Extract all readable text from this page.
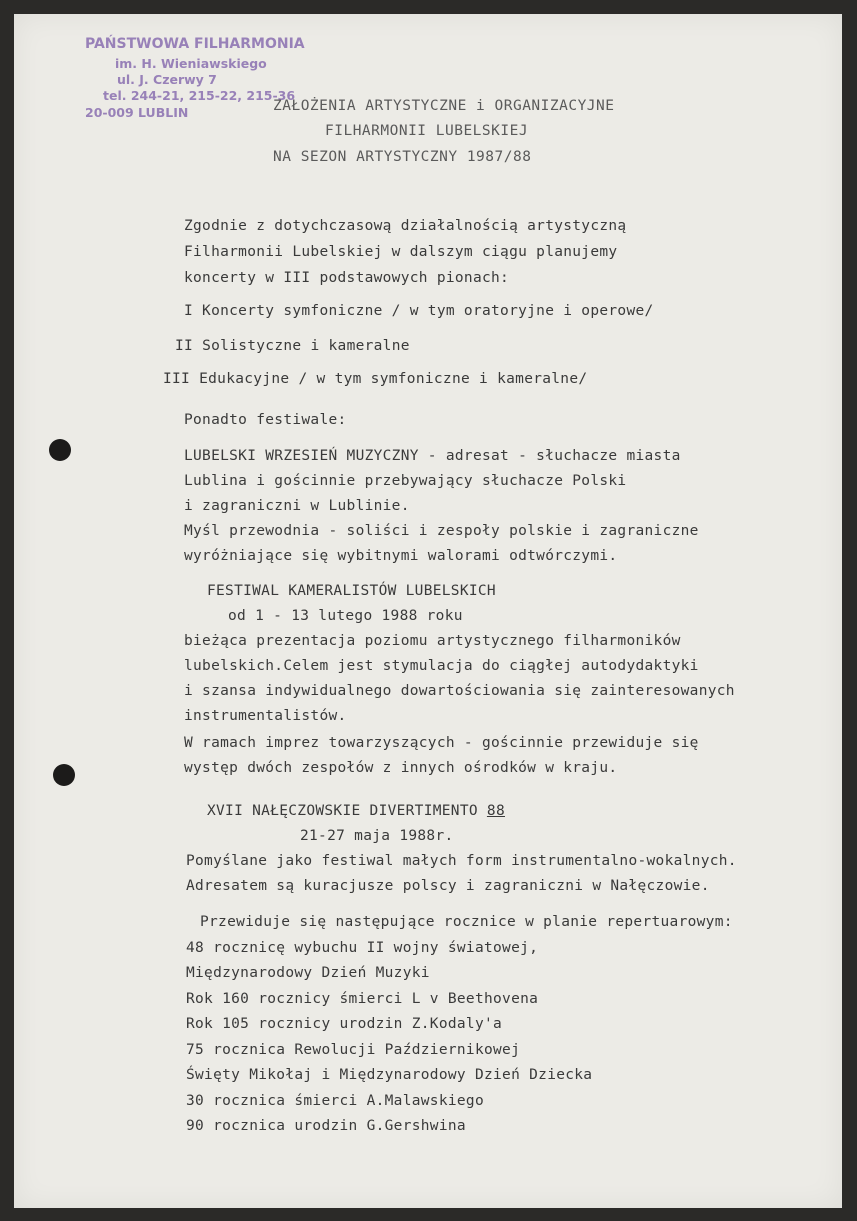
PAŃSTWOWA FILHARMONIA
im. H. Wieniawskiego
ul. J. Czerwy 7
tel. 244-21, 215-22, 215-36
20-009 LUBLIN	ZAŁOŻENIA ARTYSTYCZNE i ORGANIZACYJNE
FILHARMONII LUBELSKIEJ
NA SEZON ARTYSTYCZNY 1987/88
Zgodnie z dotychczasową działalnością artystyczną
Filharmonii Lubelskiej w dalszym ciągu planujemy
koncerty w III podstawowych pionach:
I Koncerty symfoniczne / w tym oratoryjne i operowe/
II Solistyczne i kameralne
III Edukacyjne / w tym symfoniczne i kameralne/
Ponadto festiwale:
LUBELSKI WRZESIEŃ MUZYCZNY - adresat - słuchacze miasta
Lublina i gościnnie przebywający słuchacze Polski
i zagraniczni w Lublinie.
Myśl przewodnia - soliści i zespoły polskie i zagraniczne
wyróżniające się wybitnymi walorami odtwórczymi.
FESTIWAL KAMERALISTÓW LUBELSKICH
od 1 - 13 lutego 1988 roku
bieżąca prezentacja poziomu artystycznego filharmoników
lubelskich.Celem jest stymulacja do ciągłej autodydaktyki
i szansa indywidualnego dowartościowania się zainteresowanych
instrumentalistów.
W ramach imprez towarzyszących - gościnnie przewiduje się
występ dwóch zespołów z innych ośrodków w kraju.
XVII NAŁĘCZOWSKIE DIVERTIMENTO 88
21-27 maja 1988r.
Pomyślane jako festiwal małych form instrumentalno-wokalnych.
Adresatem są kuracjusze polscy i zagraniczni w Nałęczowie.
Przewiduje się następujące rocznice w planie repertuarowym:
48 rocznicę wybuchu II wojny światowej,
Międzynarodowy Dzień Muzyki
Rok 160 rocznicy śmierci L v Beethovena
Rok 105 rocznicy urodzin Z.Kodaly'a
75 rocznica Rewolucji Październikowej
Święty Mikołaj i Międzynarodowy Dzień Dziecka
30 rocznica śmierci A.Malawskiego
90 rocznica urodzin G.Gershwina
